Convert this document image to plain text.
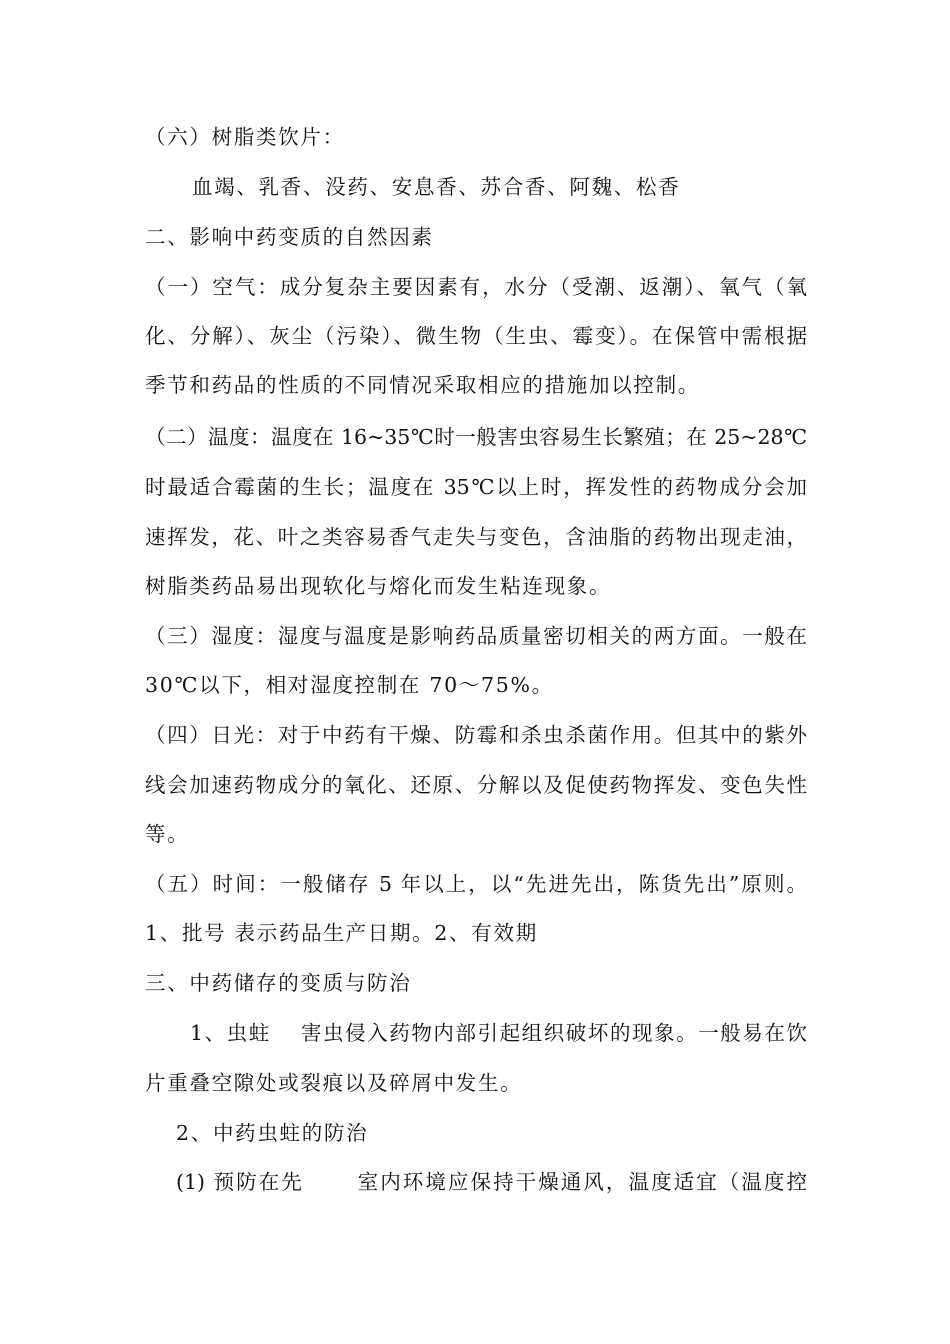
（六）树脂类饮片：
血竭、乳香、没药、安息香、苏合香、阿魏、松香
二、影响中药变质的自然因素
（一）空气：成分复杂主要因素有，水分（受潮、返潮）、氧气（氧
化、分解）、灰尘（污染）、微生物（生虫、霉变）。在保管中需根据
季节和药品的性质的不同情况采取相应的措施加以控制。
（二）温度：温度在 16~35℃时一般害虫容易生长繁殖；在 25~28℃
时最适合霉菌的生长；温度在 35℃以上时，挥发性的药物成分会加
速挥发，花、叶之类容易香气走失与变色，含油脂的药物出现走油，
树脂类药品易出现软化与熔化而发生粘连现象。
（三）湿度：湿度与温度是影响药品质量密切相关的两方面。一般在
30℃以下，相对湿度控制在 70～75%。
（四）日光：对于中药有干燥、防霉和杀虫杀菌作用。但其中的紫外
线会加速药物成分的氧化、还原、分解以及促使药物挥发、变色失性
等。
（五）时间：一般储存 5 年以上，以“先进先出，陈货先出”原则。
1、批号 表示药品生产日期。2、有效期
三、中药储存的变质与防治
1、虫蛀　 害虫侵入药物内部引起组织破坏的现象。一般易在饮
片重叠空隙处或裂痕以及碎屑中发生。
2、中药虫蛀的防治
(1) 预防在先　　 室内环境应保持干燥通风，温度适宜（温度控
